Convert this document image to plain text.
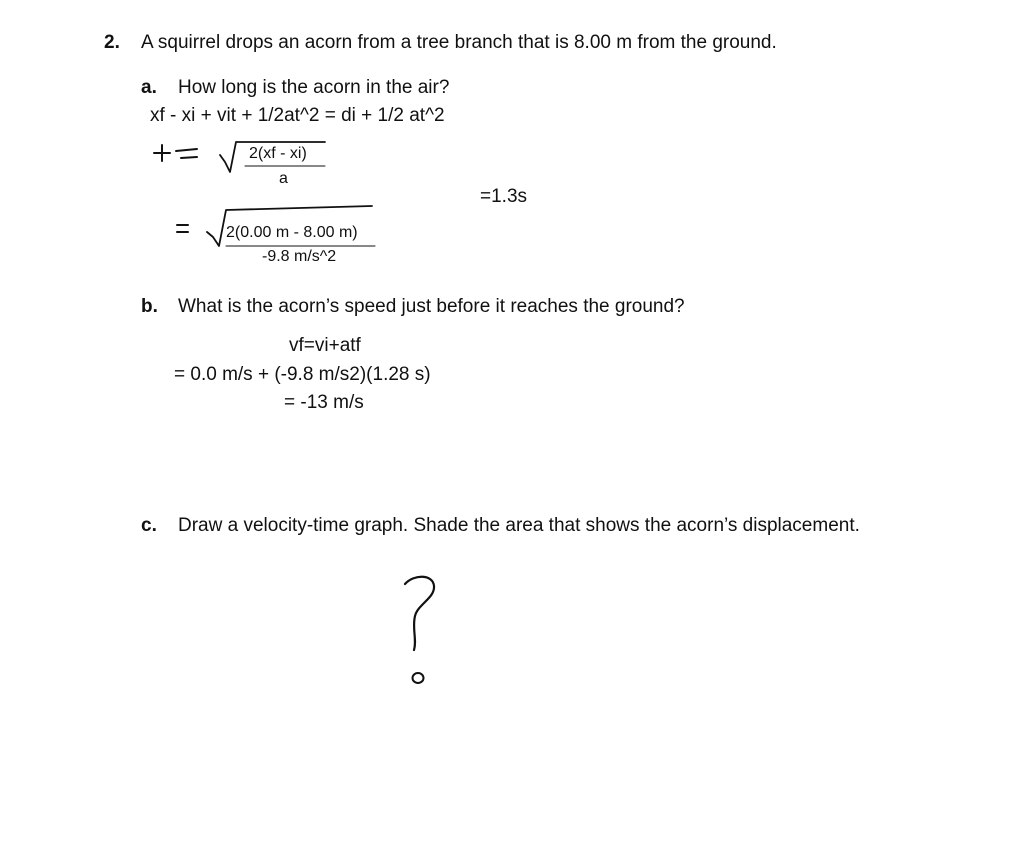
2. A squirrel drops an acorn from a tree branch that is 8.00 m from the ground.
a. How long is the acorn in the air?
xf - xi + vit + 1/2at^2 = di + 1/2 at^2
2(xf - xi)
a
2(0.00 m - 8.00 m)
-9.8 m/s^2
=1.3s
b. What is the acorn’s speed just before it reaches the ground?
vf=vi+atf
= 0.0 m/s + (-9.8 m/s2)(1.28 s)
= -13 m/s
c. Draw a velocity-time graph. Shade the area that shows the acorn’s displacement.
